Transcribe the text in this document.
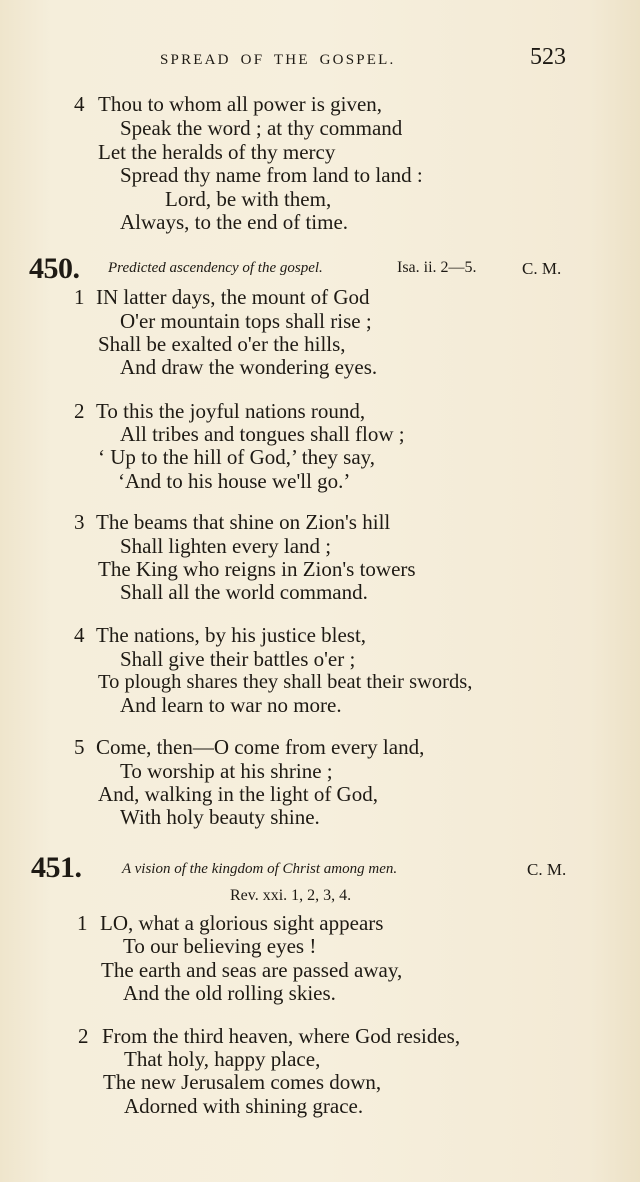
SPREAD OF THE GOSPEL.	523
4 Thou to whom all power is given,
Speak the word ; at thy command
Let the heralds of thy mercy
Spread thy name from land to land :
Lord, be with them,
Always, to the end of time.
450. Predicted ascendency of the gospel.	Isa. ii. 2—5.	C. M.
1 IN latter days, the mount of God
O'er mountain tops shall rise ;
Shall be exalted o'er the hills,
And draw the wondering eyes.
2 To this the joyful nations round,
All tribes and tongues shall flow ;
‘ Up to the hill of God,’ they say,
‘And to his house we'll go.’
3 The beams that shine on Zion's hill
Shall lighten every land ;
The King who reigns in Zion's towers
Shall all the world command.
4 The nations, by his justice blest,
Shall give their battles o'er ;
To plough shares they shall beat their swords,
And learn to war no more.
5 Come, then—O come from every land,
To worship at his shrine ;
And, walking in the light of God,
With holy beauty shine.
451.	A vision of the kingdom of Christ among men.	C. M.
Rev. xxi. 1, 2, 3, 4.
1 LO, what a glorious sight appears
To our believing eyes !
The earth and seas are passed away,
And the old rolling skies.
2 From the third heaven, where God resides,
That holy, happy place,
The new Jerusalem comes down,
Adorned with shining grace.
